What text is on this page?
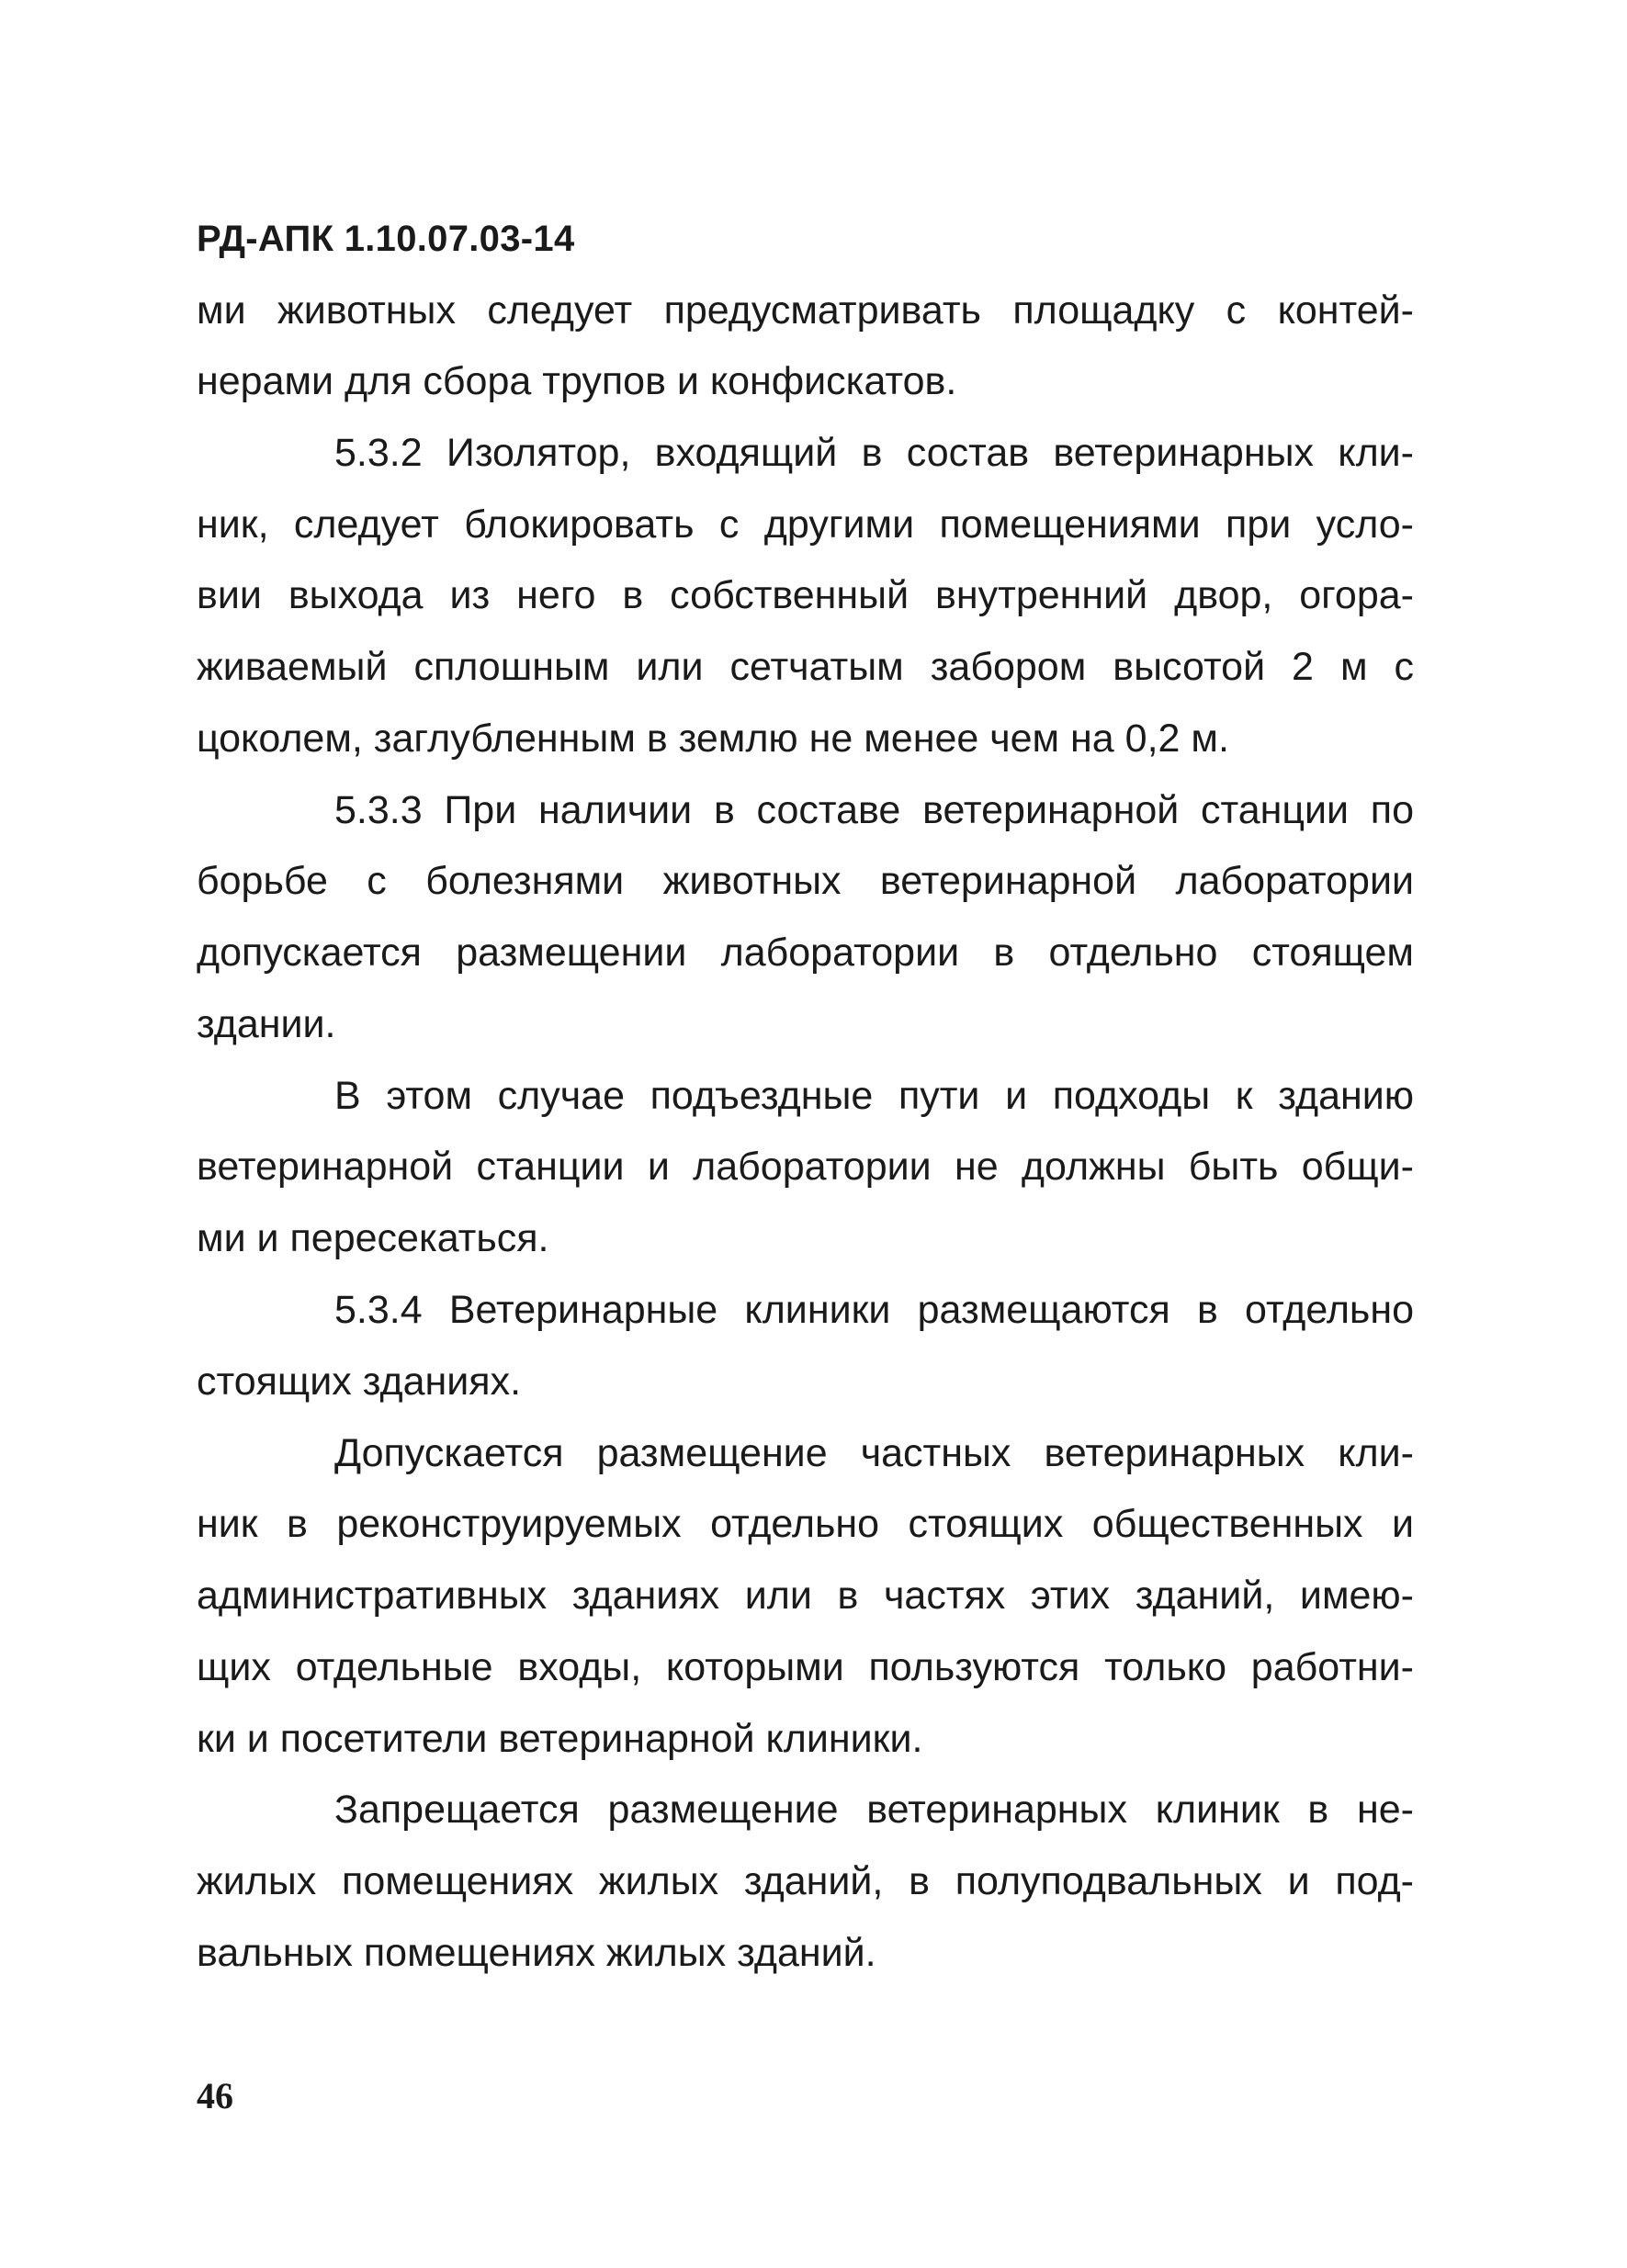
РД-АПК 1.10.07.03-14
ми животных следует предусматривать площадку с контей-
нерами для сбора трупов и конфискатов.
5.3.2 Изолятор, входящий в состав ветеринарных кли-
ник, следует блокировать с другими помещениями при усло-
вии выхода из него в собственный внутренний двор, огора-
живаемый сплошным или сетчатым забором высотой 2 м с
цоколем, заглубленным в землю не менее чем на 0,2 м.
5.3.3 При наличии в составе ветеринарной станции по
борьбе с болезнями животных ветеринарной лаборатории
допускается размещении лаборатории в отдельно стоящем
здании.
В этом случае подъездные пути и подходы к зданию
ветеринарной станции и лаборатории не должны быть общи-
ми и пересекаться.
5.3.4 Ветеринарные клиники размещаются в отдельно
стоящих зданиях.
Допускается размещение частных ветеринарных кли-
ник в реконструируемых отдельно стоящих общественных и
административных зданиях или в частях этих зданий, имею-
щих отдельные входы, которыми пользуются только работни-
ки и посетители ветеринарной клиники.
Запрещается размещение ветеринарных клиник в не-
жилых помещениях жилых зданий, в полуподвальных и под-
вальных помещениях жилых зданий.
46
